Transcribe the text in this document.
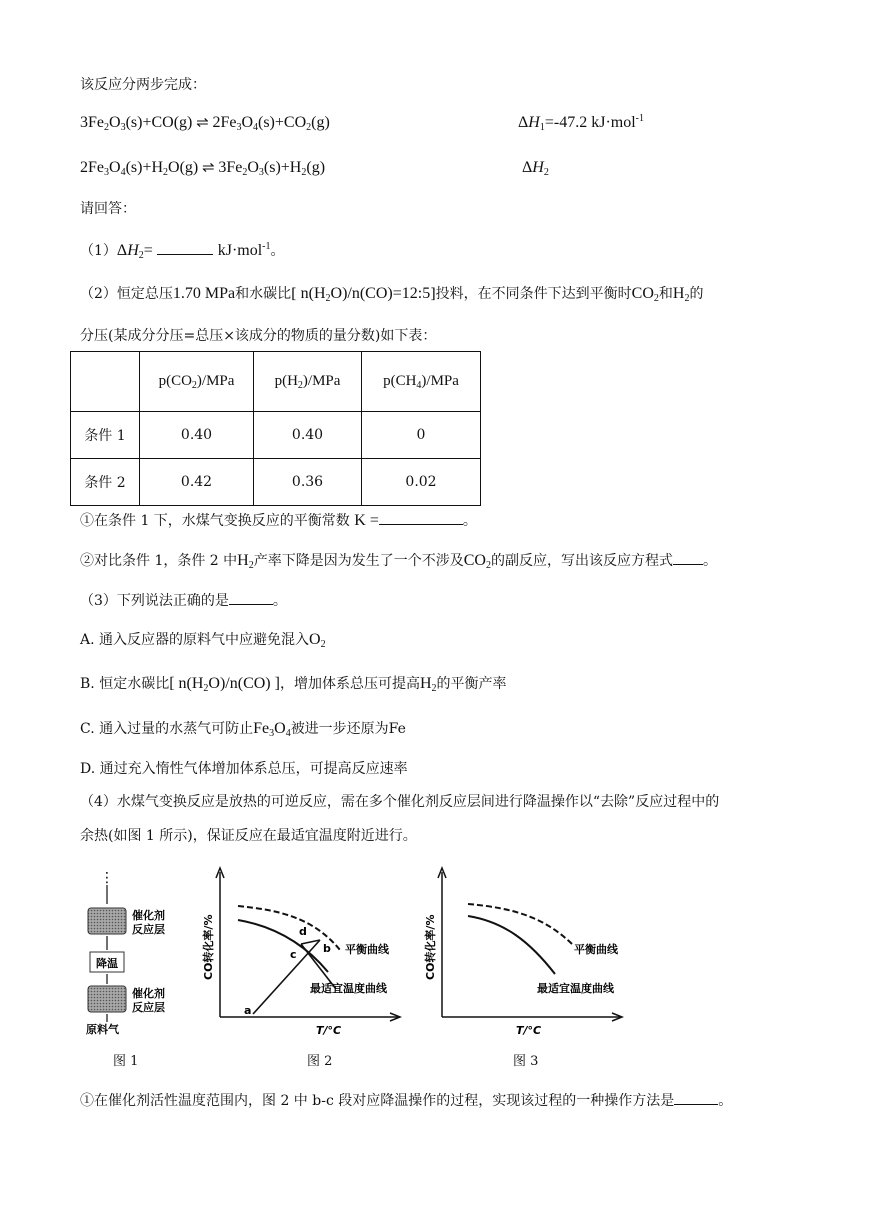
该反应分两步完成：
$3Fe_2O_3(s)+CO(g)$ ⇌ $2Fe_3O_4(s)+CO_2(g)$	$\Delta H_1=-47.2$ kJ·mol$^{-1}$
$2Fe_3O_4(s)+H_2O(g)$ ⇌ $3Fe_2O_3(s)+H_2(g)$	$\Delta H_2$
请回答：
$(1)\Delta H_2=$	kJ·mol$^{-1}$。
（2）恒定总压1.70 MPa和水碳比[ $n(H_2O)/n(CO)=12:5$]投料，在不同条件下达到平衡时$CO_2$和$H_2$的
分压(某成分分压=总压×该成分的物质的量分数)如下表：
	$p(CO_2)$/MPa	$p(H_2)$/MPa	$p(CH_4)$/MPa
条件 1	0.40	0.40	0
条件 2	0.42	0.36	0.02
①在条件 1 下，水煤气变换反应的平衡常数 K =	。
②对比条件 1，条件 2 中$H_2$产率下降是因为发生了一个不涉及$CO_2$的副反应，写出该反应方程式 。
（3）下列说法正确的是	。
A. 通入反应器的原料气中应避免混入$O_2$
B. 恒定水碳比[ $n(H_2O)/n(CO)$ ]，增加体系总压可提高$H_2$的平衡产率
C. 通入过量的水蒸气可防止$Fe_3O_4$被进一步还原为Fe
D. 通过充入惰性气体增加体系总压，可提高反应速率
（4）水煤气变换反应是放热的可逆反应，需在多个催化剂反应层间进行降温操作以“去除”反应过程中的
余热(如图 1 所示)，保证反应在最适宜温度附近进行。
⋮
催化剂
反应层
降温
催化剂
反应层
原料气
CO转化率/%
T/°C
a
b
c
d
平衡曲线
最适宜温度曲线
CO转化率/%
T/°C
平衡曲线
最适宜温度曲线
图 1	图 2	图 3
①在催化剂活性温度范围内，图 2 中 b-c 段对应降温操作的过程，实现该过程的一种操作方法是	。
